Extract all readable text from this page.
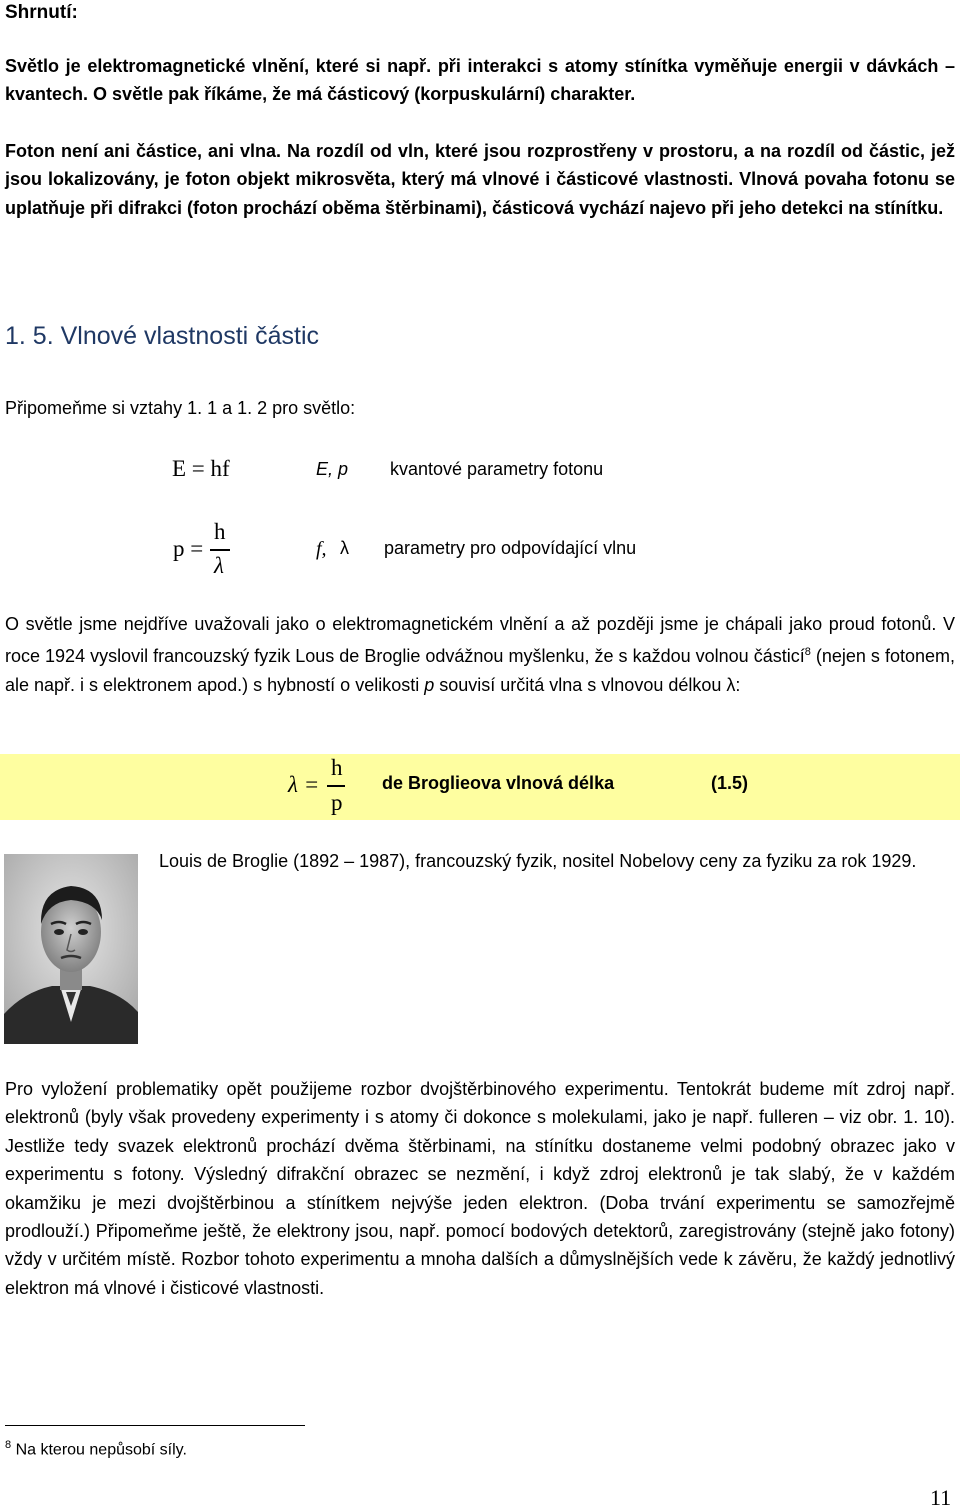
Shrnutí:
Světlo je elektromagnetické vlnění, které si např. při interakci s atomy stínítka vyměňuje energii v dávkách – kvantech. O světle pak říkáme, že má částicový (korpuskulární) charakter.
Foton není ani částice, ani vlna. Na rozdíl od vln, které jsou rozprostřeny v prostoru, a na rozdíl od částic, jež jsou lokalizovány, je foton objekt mikrosvěta, který má vlnové i částicové vlastnosti. Vlnová povaha fotonu se uplatňuje při difrakci (foton prochází oběma štěrbinami), částicová vychází najevo při jeho detekci na stínítku.
1. 5. Vlnové vlastnosti částic
Připomeňme si vztahy 1. 1 a 1. 2 pro světlo:
E = hf	E, p kvantové parametry fotonu
p =
h
λ
f, λ parametry pro odpovídající vlnu
O světle jsme nejdříve uvažovali jako o elektromagnetickém vlnění a až později jsme je chápali jako proud fotonů. V roce 1924 vyslovil francouzský fyzik Lous de Broglie odvážnou myšlenku, že s každou volnou částicí$^8$ (nejen s fotonem, ale např. i s elektronem apod.) s hybností o velikosti p souvisí určitá vlna s vlnovou délkou λ:
λ =
h
p
de Broglieova vlnová délka	(1.5)
Louis de Broglie (1892 – 1987), francouzský fyzik, nositel Nobelovy ceny za fyziku za rok 1929.
Pro vyložení problematiky opět použijeme rozbor dvojštěrbinového experimentu. Tentokrát budeme mít zdroj např. elektronů (byly však provedeny experimenty i s atomy či dokonce s molekulami, jako je např. fulleren – viz obr. 1. 10). Jestliže tedy svazek elektronů prochází dvěma štěrbinami, na stínítku dostaneme velmi podobný obrazec jako v experimentu s fotony. Výsledný difrakční obrazec se nezmění, i když zdroj elektronů je tak slabý, že v každém okamžiku je mezi dvojštěrbinou a stínítkem nejvýše jeden elektron. (Doba trvání experimentu se samozřejmě prodlouží.) Připomeňme ještě, že elektrony jsou, např. pomocí bodových detektorů, zaregistrovány (stejně jako fotony) vždy v určitém místě. Rozbor tohoto experimentu a mnoha dalších a důmyslnějších vede k závěru, že každý jednotlivý elektron má vlnové i čisticové vlastnosti.
$^8$ Na kterou nepůsobí síly.
11
